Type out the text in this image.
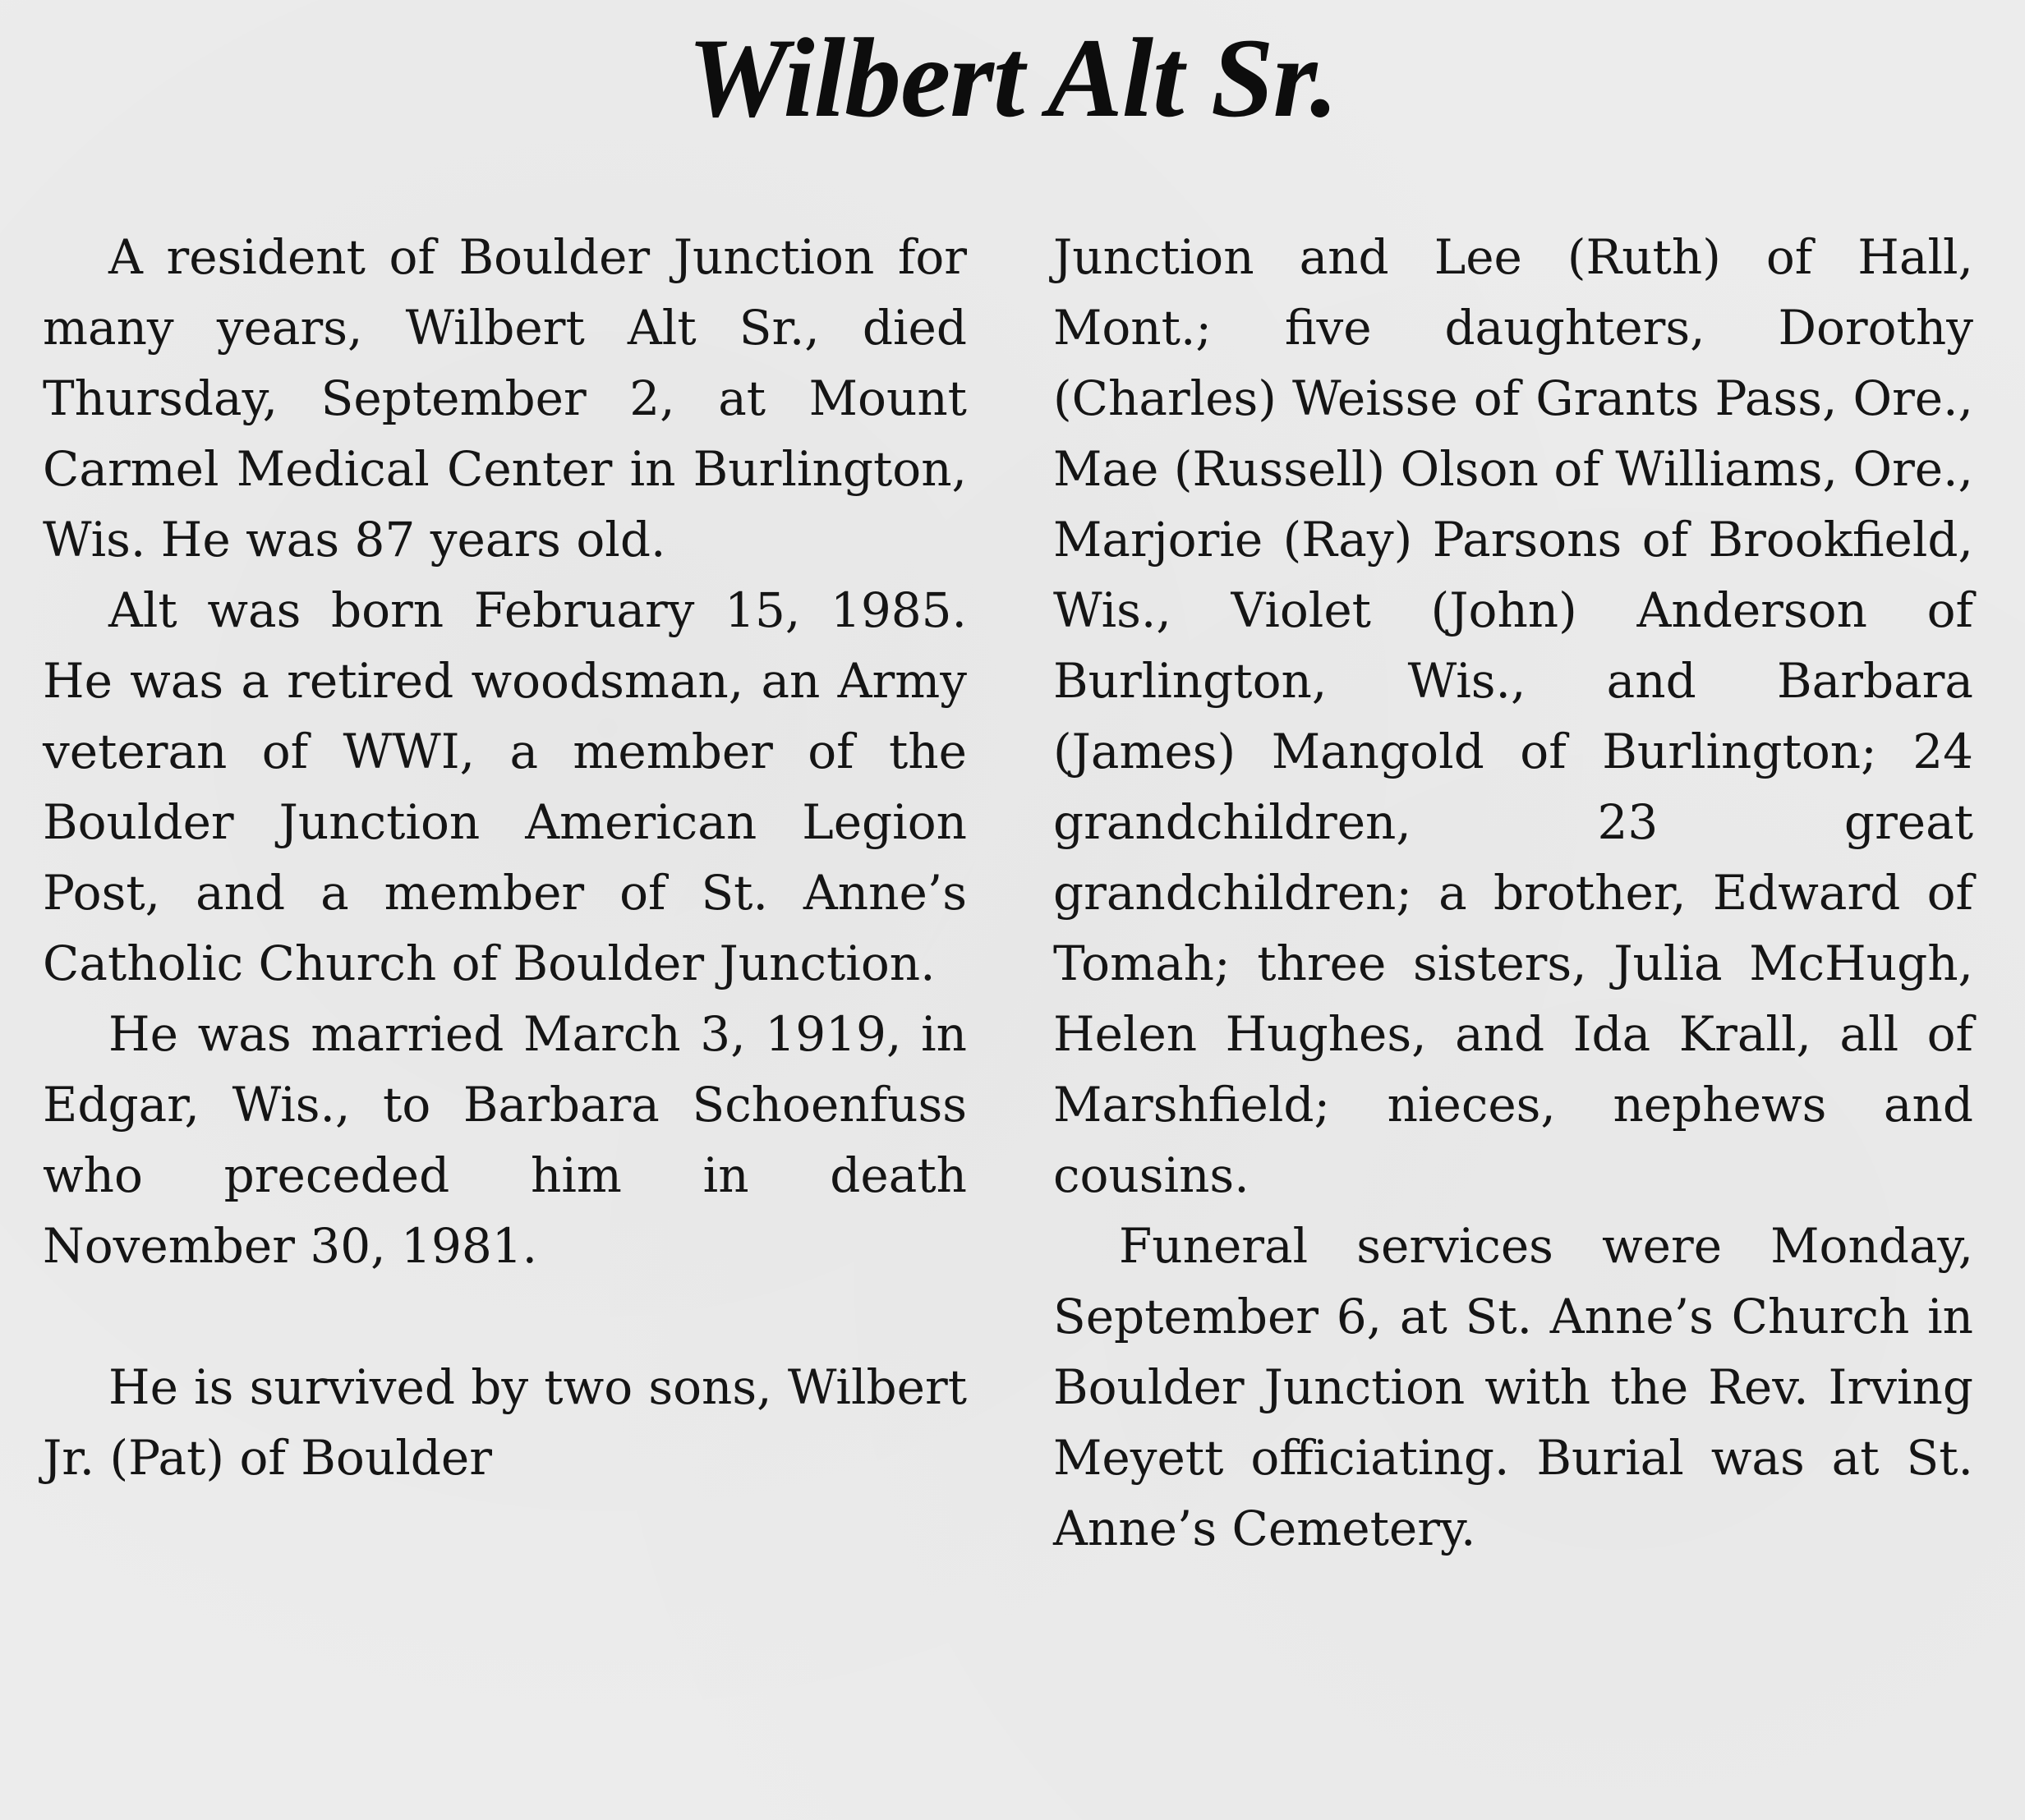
Wilbert Alt Sr.

A resident of Boulder Junction for many years, Wilbert Alt Sr., died Thursday, September 2, at Mount Carmel Medical Center in Burlington, Wis. He was 87 years old.

Alt was born February 15, 1985. He was a retired woodsman, an Army veteran of WWI, a member of the Boulder Junction American Legion Post, and a member of St. Anne’s Catholic Church of Boulder Junction.

He was married March 3, 1919, in Edgar, Wis., to Barbara Schoenfuss who preceded him in death November 30, 1981.

He is survived by two sons, Wilbert Jr. (Pat) of Boulder

Junction and Lee (Ruth) of Hall, Mont.; five daughters, Dorothy (Charles) Weisse of Grants Pass, Ore., Mae (Russell) Olson of Williams, Ore., Marjorie (Ray) Parsons of Brookfield, Wis., Violet (John) Anderson of Burlington, Wis., and Barbara (James) Mangold of Burlington; 24 grandchildren, 23 great grandchildren; a brother, Edward of Tomah; three sisters, Julia McHugh, Helen Hughes, and Ida Krall, all of Marshfield; nieces, nephews and cousins.

Funeral services were Monday, September 6, at St. Anne’s Church in Boulder Junction with the Rev. Irving Meyett officiating. Burial was at St. Anne’s Cemetery.
